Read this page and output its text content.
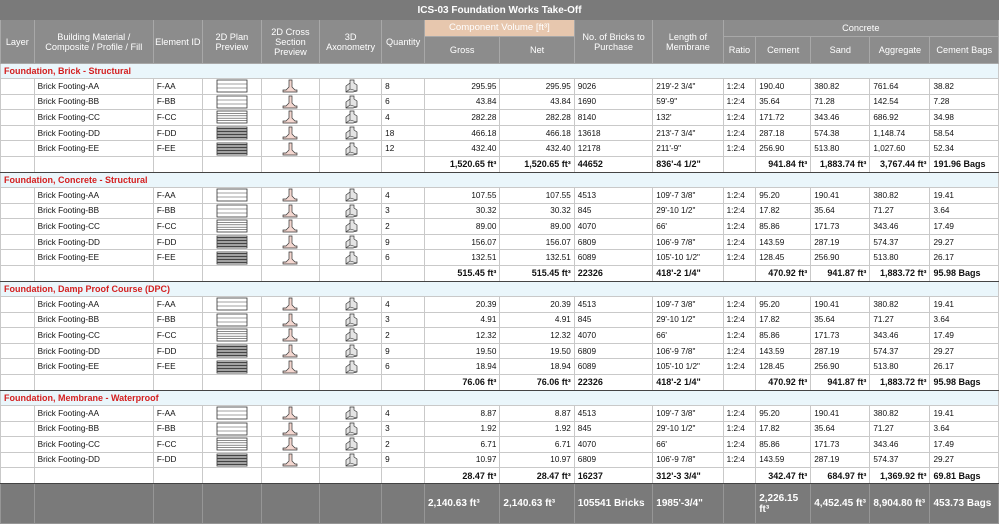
ICS-03 Foundation Works Take-Off															
Layer	Building Material / Composite / Profile / Fill	Element ID	2D Plan Preview	2D Cross Section Preview	3D Axonometry	Quantity	Component Volume [ft³]		No. of Bricks to Purchase	Length of Membrane	Concrete				
							Gross	Net			Ratio	Cement	Sand	Aggregate	Cement Bags
Foundation, Brick - Structural															
	Brick Footing-AA	F-AA				8	295.95	295.95	9026	219'-2 3/4"	1:2:4	190.40	380.82	761.64	38.82
	Brick Footing-BB	F-BB				6	43.84	43.84	1690	59'-9"	1:2:4	35.64	71.28	142.54	7.28
	Brick Footing-CC	F-CC				4	282.28	282.28	8140	132'	1:2:4	171.72	343.46	686.92	34.98
	Brick Footing-DD	F-DD				18	466.18	466.18	13618	213'-7 3/4"	1:2:4	287.18	574.38	1,148.74	58.54
	Brick Footing-EE	F-EE				12	432.40	432.40	12178	211'-9"	1:2:4	256.90	513.80	1,027.60	52.34
							1,520.65 ft³	1,520.65 ft³	44652	836'-4 1/2"		941.84 ft³	1,883.74 ft³	3,767.44 ft³	191.96 Bags
Foundation, Concrete - Structural															
	Brick Footing-AA	F-AA				4	107.55	107.55	4513	109'-7 3/8"	1:2:4	95.20	190.41	380.82	19.41
	Brick Footing-BB	F-BB				3	30.32	30.32	845	29'-10 1/2"	1:2:4	17.82	35.64	71.27	3.64
	Brick Footing-CC	F-CC				2	89.00	89.00	4070	66'	1:2:4	85.86	171.73	343.46	17.49
	Brick Footing-DD	F-DD				9	156.07	156.07	6809	106'-9 7/8"	1:2:4	143.59	287.19	574.37	29.27
	Brick Footing-EE	F-EE				6	132.51	132.51	6089	105'-10 1/2"	1:2:4	128.45	256.90	513.80	26.17
							515.45 ft³	515.45 ft³	22326	418'-2 1/4"		470.92 ft³	941.87 ft³	1,883.72 ft³	95.98 Bags
Foundation, Damp Proof Course (DPC)															
	Brick Footing-AA	F-AA				4	20.39	20.39	4513	109'-7 3/8"	1:2:4	95.20	190.41	380.82	19.41
	Brick Footing-BB	F-BB				3	4.91	4.91	845	29'-10 1/2"	1:2:4	17.82	35.64	71.27	3.64
	Brick Footing-CC	F-CC				2	12.32	12.32	4070	66'	1:2:4	85.86	171.73	343.46	17.49
	Brick Footing-DD	F-DD				9	19.50	19.50	6809	106'-9 7/8"	1:2:4	143.59	287.19	574.37	29.27
	Brick Footing-EE	F-EE				6	18.94	18.94	6089	105'-10 1/2"	1:2:4	128.45	256.90	513.80	26.17
							76.06 ft³	76.06 ft³	22326	418'-2 1/4"		470.92 ft³	941.87 ft³	1,883.72 ft³	95.98 Bags
Foundation, Membrane - Waterproof															
	Brick Footing-AA	F-AA				4	8.87	8.87	4513	109'-7 3/8"	1:2:4	95.20	190.41	380.82	19.41
	Brick Footing-BB	F-BB				3	1.92	1.92	845	29'-10 1/2"	1:2:4	17.82	35.64	71.27	3.64
	Brick Footing-CC	F-CC				2	6.71	6.71	4070	66'	1:2:4	85.86	171.73	343.46	17.49
	Brick Footing-DD	F-DD				9	10.97	10.97	6809	106'-9 7/8"	1:2:4	143.59	287.19	574.37	29.27
							28.47 ft³	28.47 ft³	16237	312'-3 3/4"		342.47 ft³	684.97 ft³	1,369.92 ft³	69.81 Bags
							2,140.63 ft³	2,140.63 ft³	105541 Bricks	1985'-3/4"		2,226.15 ft³	4,452.45 ft³	8,904.80 ft³	453.73 Bags
